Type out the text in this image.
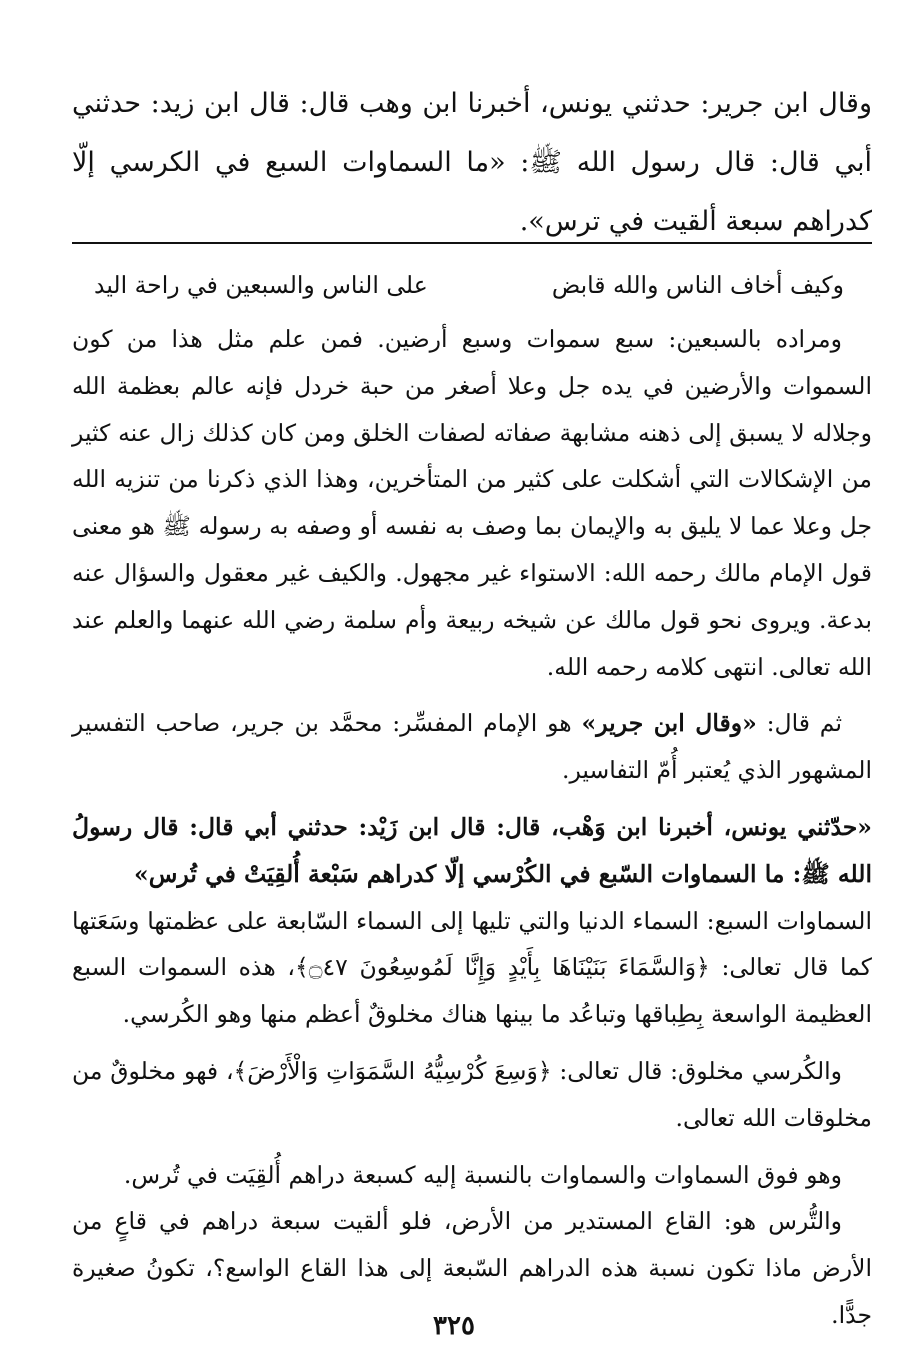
وقال ابن جرير: حدثني يونس، أخبرنا ابن وهب قال: قال ابن زيد: حدثني أبي قال: قال رسول الله ﷺ: «ما السماوات السبع في الكرسي إلّا كدراهم سبعة ألقيت في ترس».

وكيف أخاف الناس والله قابض
على الناس والسبعين في راحة اليد

ومراده بالسبعين: سبع سموات وسبع أرضين. فمن علم مثل هذا من كون السموات والأرضين في يده جل وعلا أصغر من حبة خردل فإنه عالم بعظمة الله وجلاله لا يسبق إلى ذهنه مشابهة صفاته لصفات الخلق ومن كان كذلك زال عنه كثير من الإشكالات التي أشكلت على كثير من المتأخرين، وهذا الذي ذكرنا من تنزيه الله جل وعلا عما لا يليق به والإيمان بما وصف به نفسه أو وصفه به رسوله ﷺ هو معنى قول الإمام مالك رحمه الله: الاستواء غير مجهول. والكيف غير معقول والسؤال عنه بدعة. ويروى نحو قول مالك عن شيخه ربيعة وأم سلمة رضي الله عنهما والعلم عند الله تعالى. انتهى كلامه رحمه الله.

ثم قال: «وقال ابن جرير» هو الإمام المفسِّر: محمَّد بن جرير، صاحب التفسير المشهور الذي يُعتبر أُمّ التفاسير.

«حدّثني يونس، أخبرنا ابن وَهْب، قال: قال ابن زَيْد: حدثني أبي قال: قال رسولُ الله ﷺ: ما السماوات السّبع في الكُرْسي إلّا كدراهم سَبْعة أُلقِيَتْ في تُرس»

السماوات السبع: السماء الدنيا والتي تليها إلى السماء السّابعة على عظمتها وسَعَتها كما قال تعالى: ﴿وَالسَّمَاءَ بَنَيْنَاهَا بِأَيْدٍ وَإِنَّا لَمُوسِعُونَ ۝٤٧﴾، هذه السموات السبع العظيمة الواسعة بِطِباقها وتباعُد ما بينها هناك مخلوقٌ أعظم منها وهو الكُرسي.

والكُرسي مخلوق: قال تعالى: ﴿وَسِعَ كُرْسِيُّهُ السَّمَوَاتِ وَالْأَرْضَ﴾، فهو مخلوقٌ من مخلوقات الله تعالى.

وهو فوق السماوات والسماوات بالنسبة إليه كسبعة دراهم أُلقِيَت في تُرس.

والتُّرس هو: القاع المستدير من الأرض، فلو ألقيت سبعة دراهم في قاعٍ من الأرض ماذا تكون نسبة هذه الدراهم السّبعة إلى هذا القاع الواسع؟، تكونُ صغيرة جدًّا.

٣٢٥
